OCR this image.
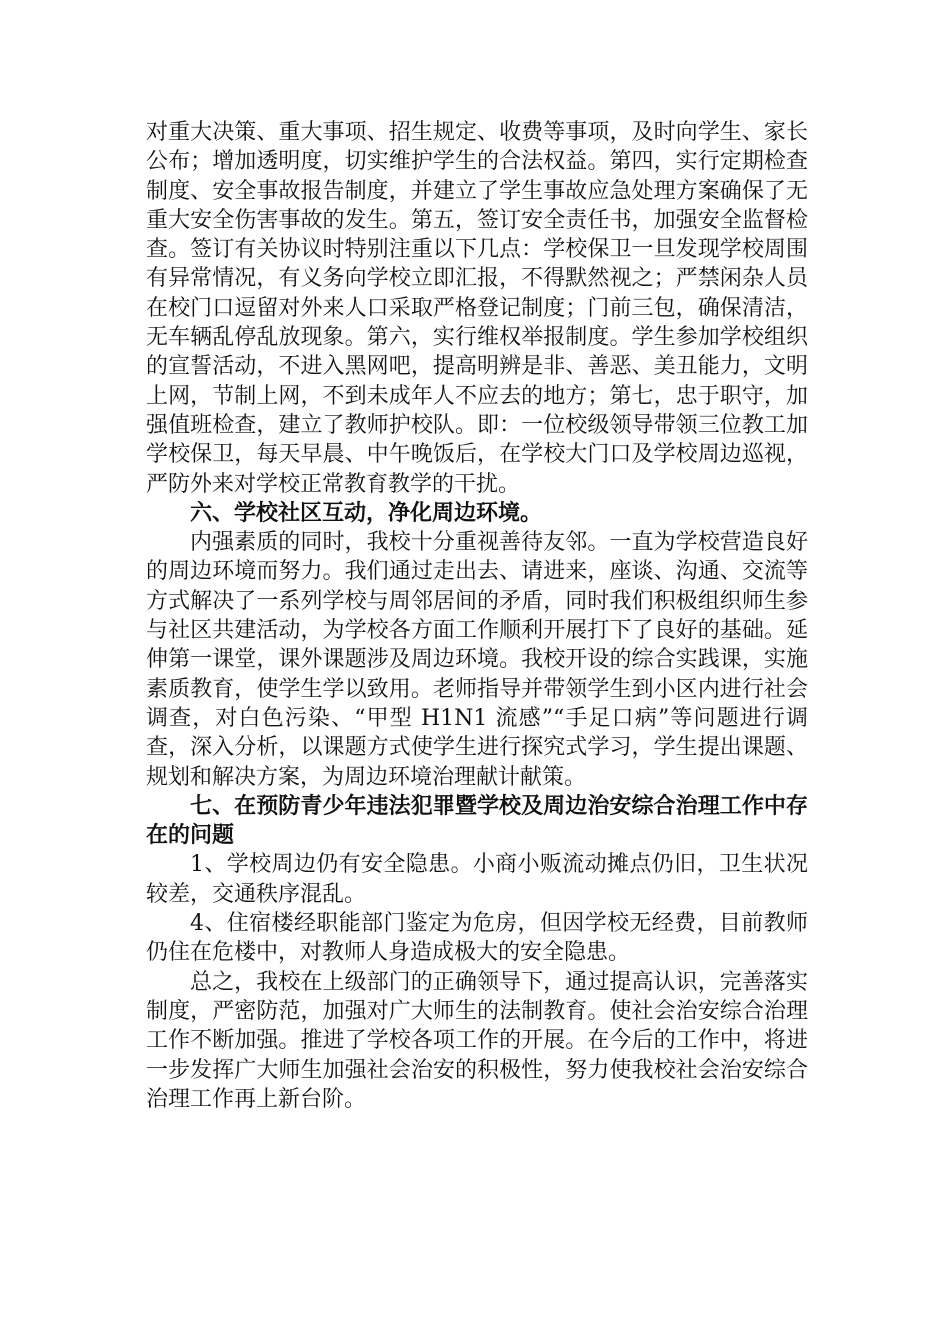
对重大决策、重大事项、招生规定、收费等事项，及时向学生、家长公布；增加透明度，切实维护学生的合法权益。第四，实行定期检查制度、安全事故报告制度，并建立了学生事故应急处理方案确保了无重大安全伤害事故的发生。第五，签订安全责任书，加强安全监督检查。签订有关协议时特别注重以下几点：学校保卫一旦发现学校周围有异常情况，有义务向学校立即汇报，不得默然视之；严禁闲杂人员在校门口逗留对外来人口采取严格登记制度；门前三包，确保清洁，无车辆乱停乱放现象。第六，实行维权举报制度。学生参加学校组织的宣誓活动，不进入黑网吧，提高明辨是非、善恶、美丑能力，文明上网，节制上网，不到未成年人不应去的地方；第七，忠于职守，加强值班检查，建立了教师护校队。即：一位校级领导带领三位教工加学校保卫，每天早晨、中午晚饭后，在学校大门口及学校周边巡视，严防外来对学校正常教育教学的干扰。

六、学校社区互动，净化周边环境。

内强素质的同时，我校十分重视善待友邻。一直为学校营造良好的周边环境而努力。我们通过走出去、请进来，座谈、沟通、交流等方式解决了一系列学校与周邻居间的矛盾，同时我们积极组织师生参与社区共建活动，为学校各方面工作顺利开展打下了良好的基础。延伸第一课堂，课外课题涉及周边环境。我校开设的综合实践课，实施素质教育，使学生学以致用。老师指导并带领学生到小区内进行社会调查，对白色污染、“甲型 H1N1 流感”“手足口病”等问题进行调查，深入分析，以课题方式使学生进行探究式学习，学生提出课题、规划和解决方案，为周边环境治理献计献策。

七、在预防青少年违法犯罪暨学校及周边治安综合治理工作中存在的问题

1、学校周边仍有安全隐患。小商小贩流动摊点仍旧，卫生状况较差，交通秩序混乱。

4、住宿楼经职能部门鉴定为危房，但因学校无经费，目前教师仍住在危楼中，对教师人身造成极大的安全隐患。

总之，我校在上级部门的正确领导下，通过提高认识，完善落实制度，严密防范，加强对广大师生的法制教育。使社会治安综合治理工作不断加强。推进了学校各项工作的开展。在今后的工作中，将进一步发挥广大师生加强社会治安的积极性，努力使我校社会治安综合治理工作再上新台阶。
